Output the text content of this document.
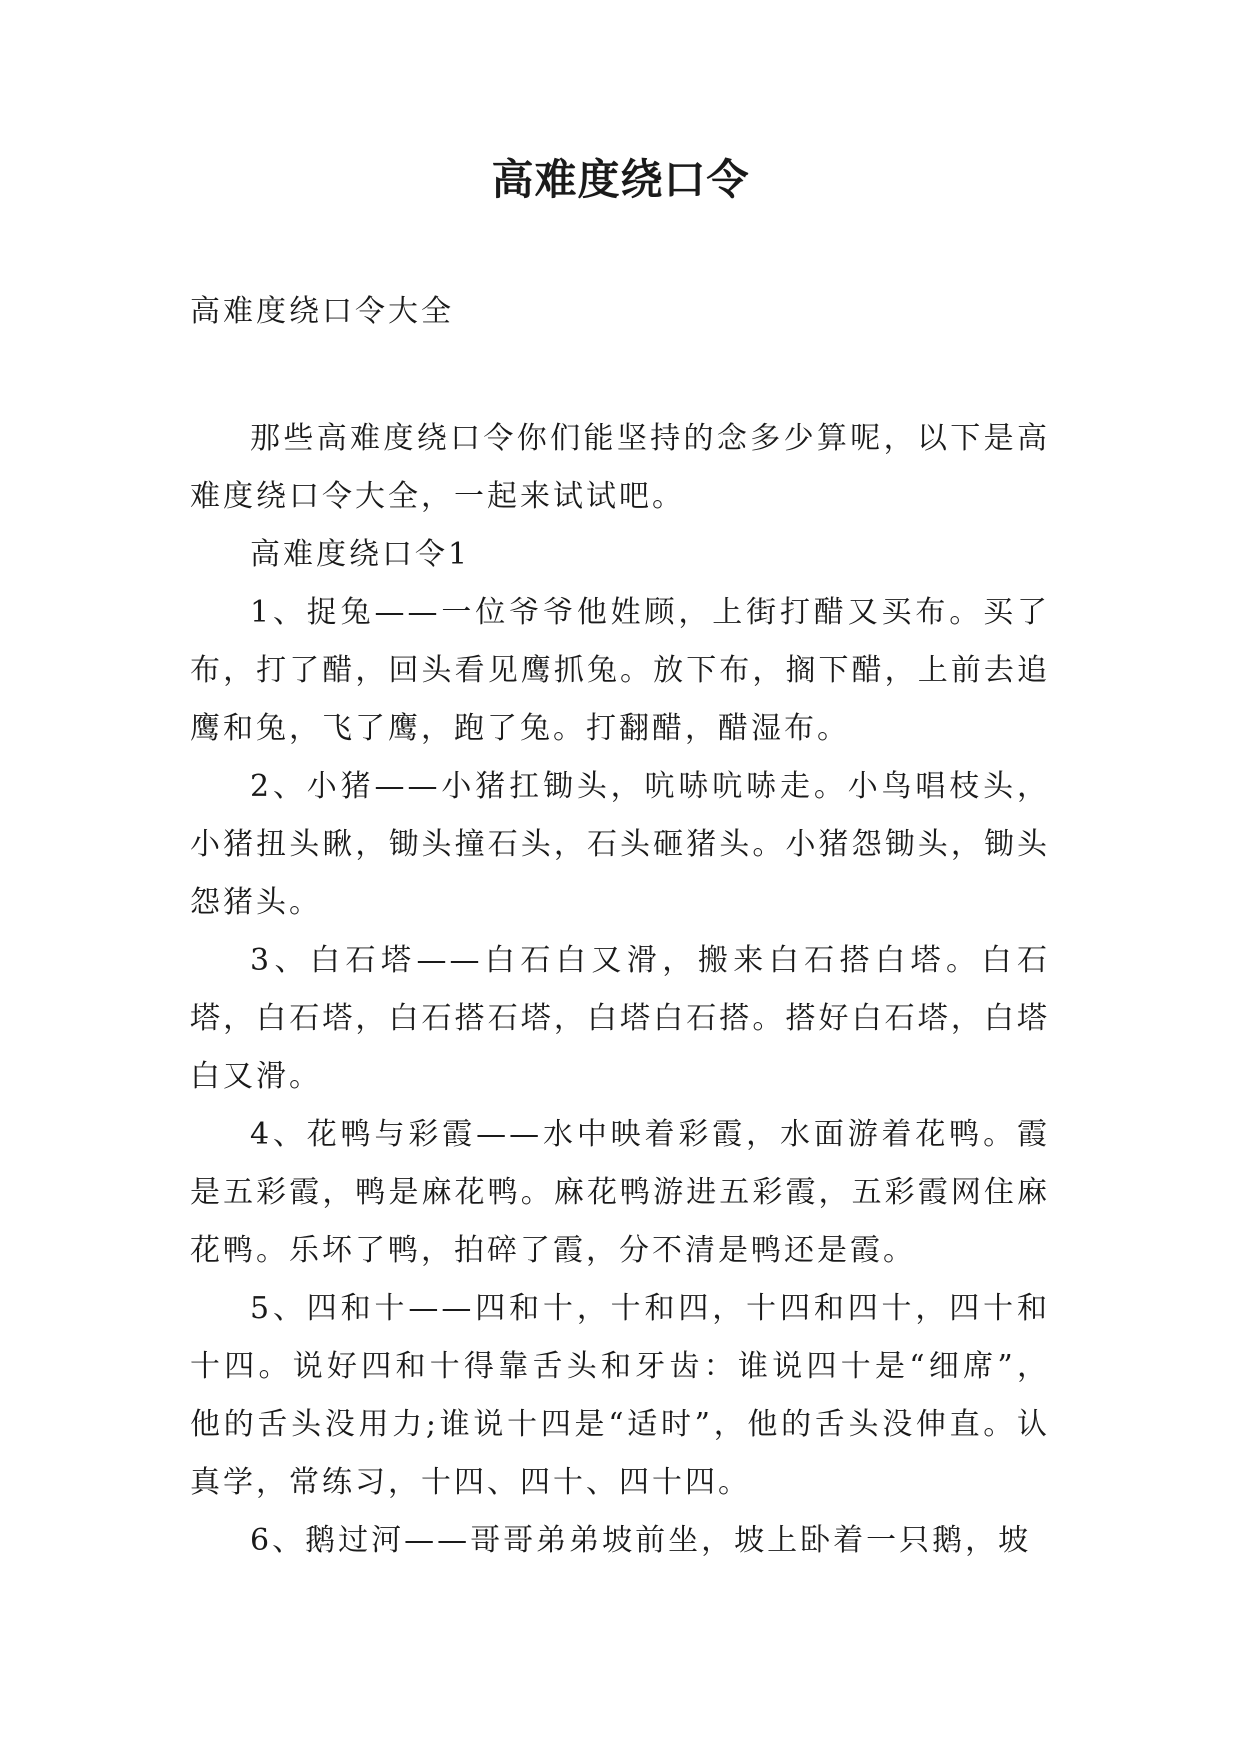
高难度绕口令
高难度绕口令大全

那些高难度绕口令你们能坚持的念多少算呢，以下是高难度绕口令大全，一起来试试吧。

高难度绕口令1

1、捉兔——一位爷爷他姓顾，上街打醋又买布。买了布，打了醋，回头看见鹰抓兔。放下布，搁下醋，上前去追鹰和兔，飞了鹰，跑了兔。打翻醋，醋湿布。

2、小猪——小猪扛锄头，吭哧吭哧走。小鸟唱枝头，小猪扭头瞅，锄头撞石头，石头砸猪头。小猪怨锄头，锄头怨猪头。

3、白石塔——白石白又滑，搬来白石搭白塔。白石塔，白石塔，白石搭石塔，白塔白石搭。搭好白石塔，白塔白又滑。

4、花鸭与彩霞——水中映着彩霞，水面游着花鸭。霞是五彩霞，鸭是麻花鸭。麻花鸭游进五彩霞，五彩霞网住麻花鸭。乐坏了鸭，拍碎了霞，分不清是鸭还是霞。

5、四和十——四和十，十和四，十四和四十，四十和十四。说好四和十得靠舌头和牙齿：谁说四十是“细席”，他的舌头没用力;谁说十四是“适时”，他的舌头没伸直。认真学，常练习，十四、四十、四十四。

6、鹅过河——哥哥弟弟坡前坐，坡上卧着一只鹅，坡
